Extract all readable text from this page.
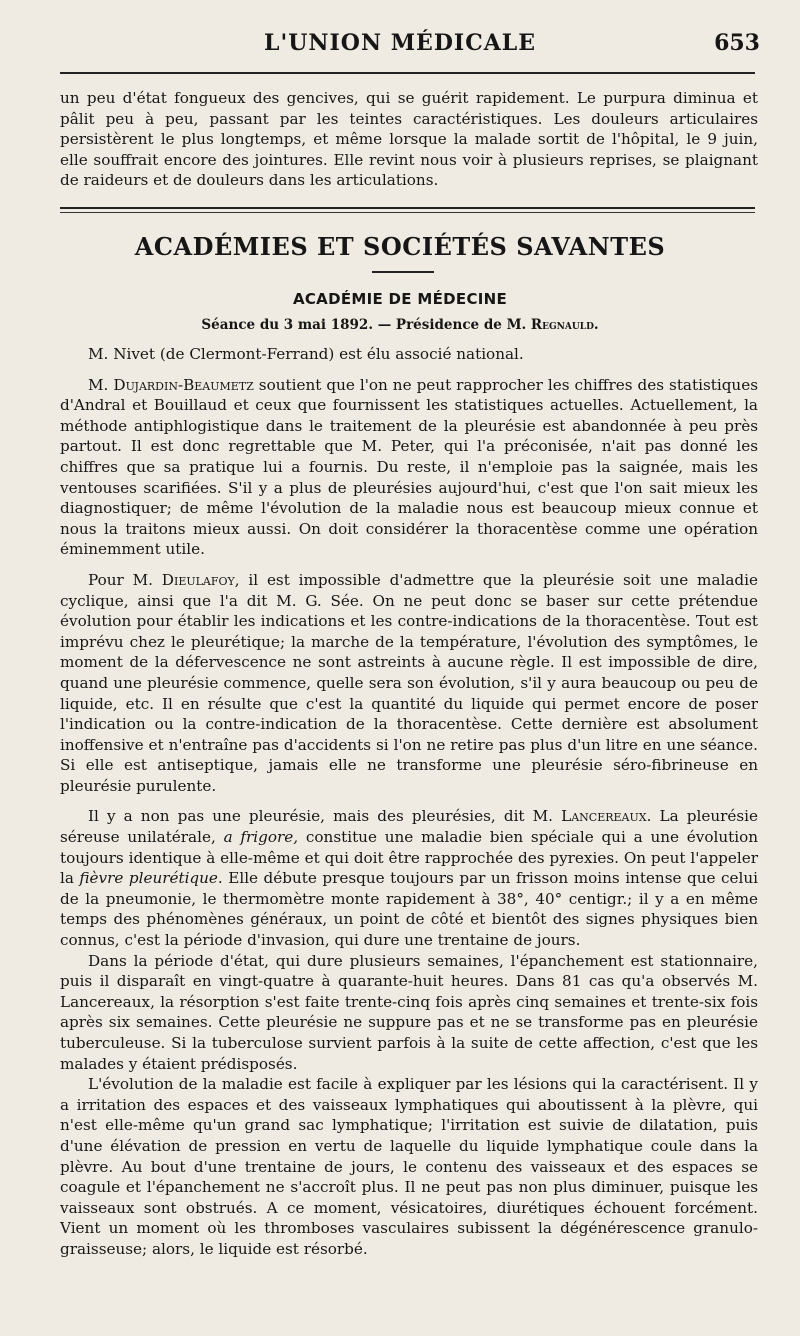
L'UNION MÉDICALE	653

un peu d'état fongueux des gencives, qui se guérit rapidement. Le purpura diminua et pâlit peu à peu, passant par les teintes caractéristiques. Les douleurs articulaires persistèrent le plus longtemps, et même lorsque la malade sortit de l'hôpital, le 9 juin, elle souffrait encore des jointures. Elle revint nous voir à plusieurs reprises, se plaignant de raideurs et de douleurs dans les articulations.

ACADÉMIES ET SOCIÉTÉS SAVANTES
ACADÉMIE DE MÉDECINE
Séance du 3 mai 1892. — Présidence de M. Regnauld.

M. Nivet (de Clermont-Ferrand) est élu associé national.

M. Dujardin-Beaumetz soutient que l'on ne peut rapprocher les chiffres des statistiques d'Andral et Bouillaud et ceux que fournissent les statistiques actuelles. Actuellement, la méthode antiphlogistique dans le traitement de la pleurésie est abandonnée à peu près partout. Il est donc regrettable que M. Peter, qui l'a préconisée, n'ait pas donné les chiffres que sa pratique lui a fournis. Du reste, il n'emploie pas la saignée, mais les ventouses scarifiées. S'il y a plus de pleurésies aujourd'hui, c'est que l'on sait mieux les diagnostiquer; de même l'évolution de la maladie nous est beaucoup mieux connue et nous la traitons mieux aussi. On doit considérer la thoracentèse comme une opération éminemment utile.

Pour M. Dieulafoy, il est impossible d'admettre que la pleurésie soit une maladie cyclique, ainsi que l'a dit M. G. Sée. On ne peut donc se baser sur cette prétendue évolution pour établir les indications et les contre-indications de la thoracentèse. Tout est imprévu chez le pleurétique; la marche de la température, l'évolution des symptômes, le moment de la défervescence ne sont astreints à aucune règle. Il est impossible de dire, quand une pleurésie commence, quelle sera son évolution, s'il y aura beaucoup ou peu de liquide, etc. Il en résulte que c'est la quantité du liquide qui permet encore de poser l'indication ou la contre-indication de la thoracentèse. Cette dernière est absolument inoffensive et n'entraîne pas d'accidents si l'on ne retire pas plus d'un litre en une séance. Si elle est antiseptique, jamais elle ne transforme une pleurésie séro-fibrineuse en pleurésie purulente.

Il y a non pas une pleurésie, mais des pleurésies, dit M. Lancereaux. La pleurésie séreuse unilatérale, a frigore, constitue une maladie bien spéciale qui a une évolution toujours identique à elle-même et qui doit être rapprochée des pyrexies. On peut l'appeler la fièvre pleurétique. Elle débute presque toujours par un frisson moins intense que celui de la pneumonie, le thermomètre monte rapidement à 38°, 40° centigr.; il y a en même temps des phénomènes généraux, un point de côté et bientôt des signes physiques bien connus, c'est la période d'invasion, qui dure une trentaine de jours.

Dans la période d'état, qui dure plusieurs semaines, l'épanchement est stationnaire, puis il disparaît en vingt-quatre à quarante-huit heures. Dans 81 cas qu'a observés M. Lancereaux, la résorption s'est faite trente-cinq fois après cinq semaines et trente-six fois après six semaines. Cette pleurésie ne suppure pas et ne se transforme pas en pleurésie tuberculeuse. Si la tuberculose survient parfois à la suite de cette affection, c'est que les malades y étaient prédisposés.

L'évolution de la maladie est facile à expliquer par les lésions qui la caractérisent. Il y a irritation des espaces et des vaisseaux lymphatiques qui aboutissent à la plèvre, qui n'est elle-même qu'un grand sac lymphatique; l'irritation est suivie de dilatation, puis d'une élévation de pression en vertu de laquelle du liquide lymphatique coule dans la plèvre. Au bout d'une trentaine de jours, le contenu des vaisseaux et des espaces se coagule et l'épanchement ne s'accroît plus. Il ne peut pas non plus diminuer, puisque les vaisseaux sont obstrués. A ce moment, vésicatoires, diurétiques échouent forcément. Vient un moment où les thromboses vasculaires subissent la dégénérescence granulo-graisseuse; alors, le liquide est résorbé.
